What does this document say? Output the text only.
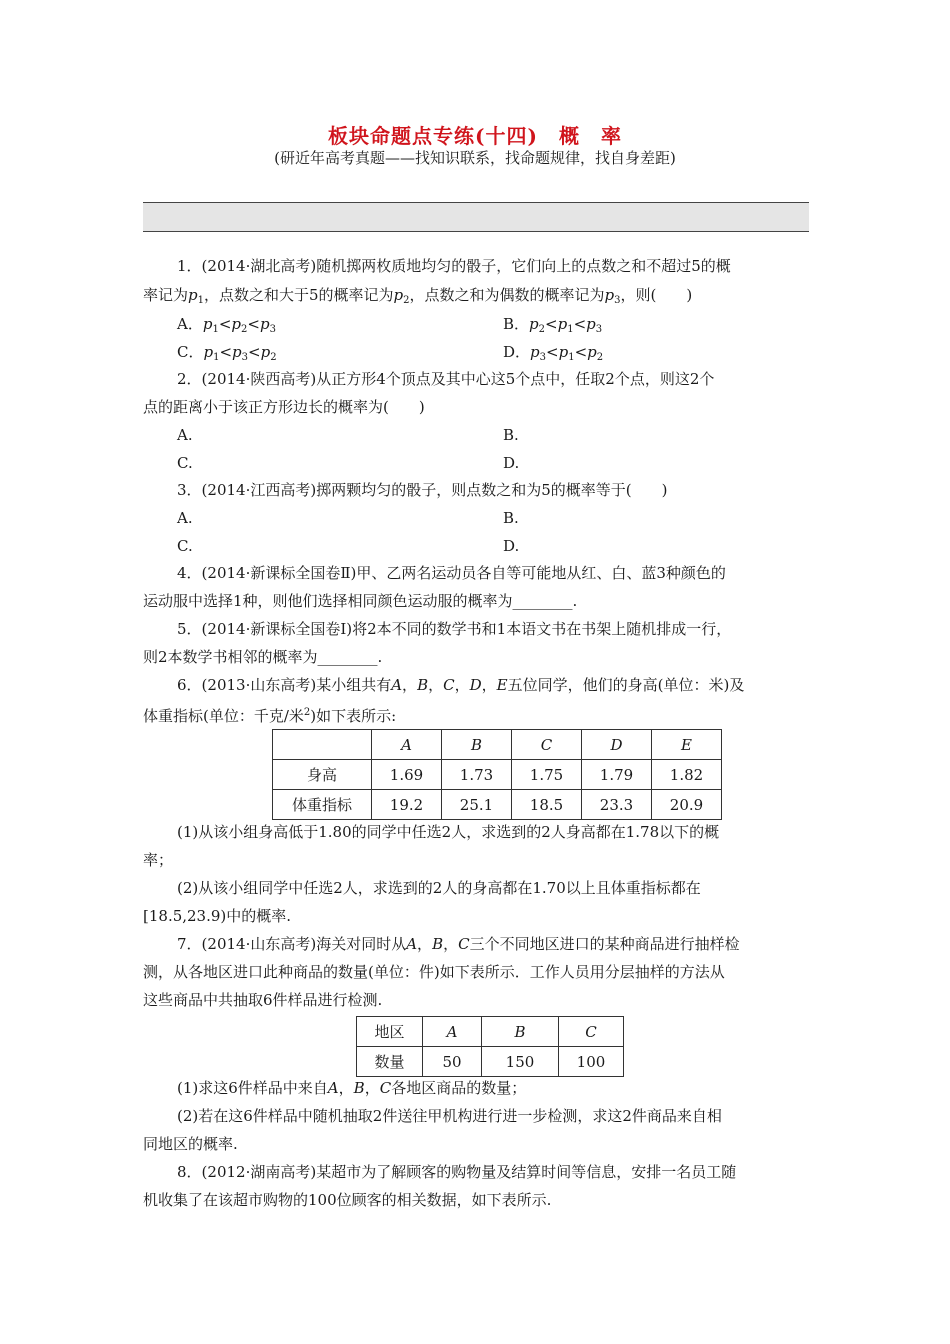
板块命题点专练(十四)　概　率
(研近年高考真题——找知识联系，找命题规律，找自身差距)
1．(2014·湖北高考)随机掷两枚质地均匀的骰子，它们向上的点数之和不超过5的概
率记为$p_1$，点数之和大于5的概率记为$p_2$，点数之和为偶数的概率记为$p_3$，则(　　)
A．$p_1<p_2<p_3$	B．$p_2<p_1<p_3$
C．$p_1<p_3<p_2$	D．$p_3<p_1<p_2$
2．(2014·陕西高考)从正方形4个顶点及其中心这5个点中，任取2个点，则这2个
点的距离小于该正方形边长的概率为(　　)
A.	B.
C.	D.
3．(2014·江西高考)掷两颗均匀的骰子，则点数之和为5的概率等于(　　)
A.	B.
C.	D.
4．(2014·新课标全国卷Ⅱ)甲、乙两名运动员各自等可能地从红、白、蓝3种颜色的
运动服中选择1种，则他们选择相同颜色运动服的概率为________.
5．(2014·新课标全国卷Ⅰ)将2本不同的数学书和1本语文书在书架上随机排成一行，
则2本数学书相邻的概率为________.
6．(2013·山东高考)某小组共有A，B，C，D，E五位同学，他们的身高(单位：米)及
体重指标(单位：千克/米$^2$)如下表所示:
	A	B	C	D	E
身高	1.69	1.73	1.75	1.79	1.82
体重指标	19.2	25.1	18.5	23.3	20.9
(1)从该小组身高低于1.80的同学中任选2人，求选到的2人身高都在1.78以下的概
率；
(2)从该小组同学中任选2人，求选到的2人的身高都在1.70以上且体重指标都在
[18.5,23.9)中的概率.
7．(2014·山东高考)海关对同时从A，B，C三个不同地区进口的某种商品进行抽样检
测，从各地区进口此种商品的数量(单位：件)如下表所示．工作人员用分层抽样的方法从
这些商品中共抽取6件样品进行检测.
地区	A	B	C
数量	50	150	100
(1)求这6件样品中来自A，B，C各地区商品的数量；
(2)若在这6件样品中随机抽取2件送往甲机构进行进一步检测，求这2件商品来自相
同地区的概率.
8．(2012·湖南高考)某超市为了解顾客的购物量及结算时间等信息，安排一名员工随
机收集了在该超市购物的100位顾客的相关数据，如下表所示.
